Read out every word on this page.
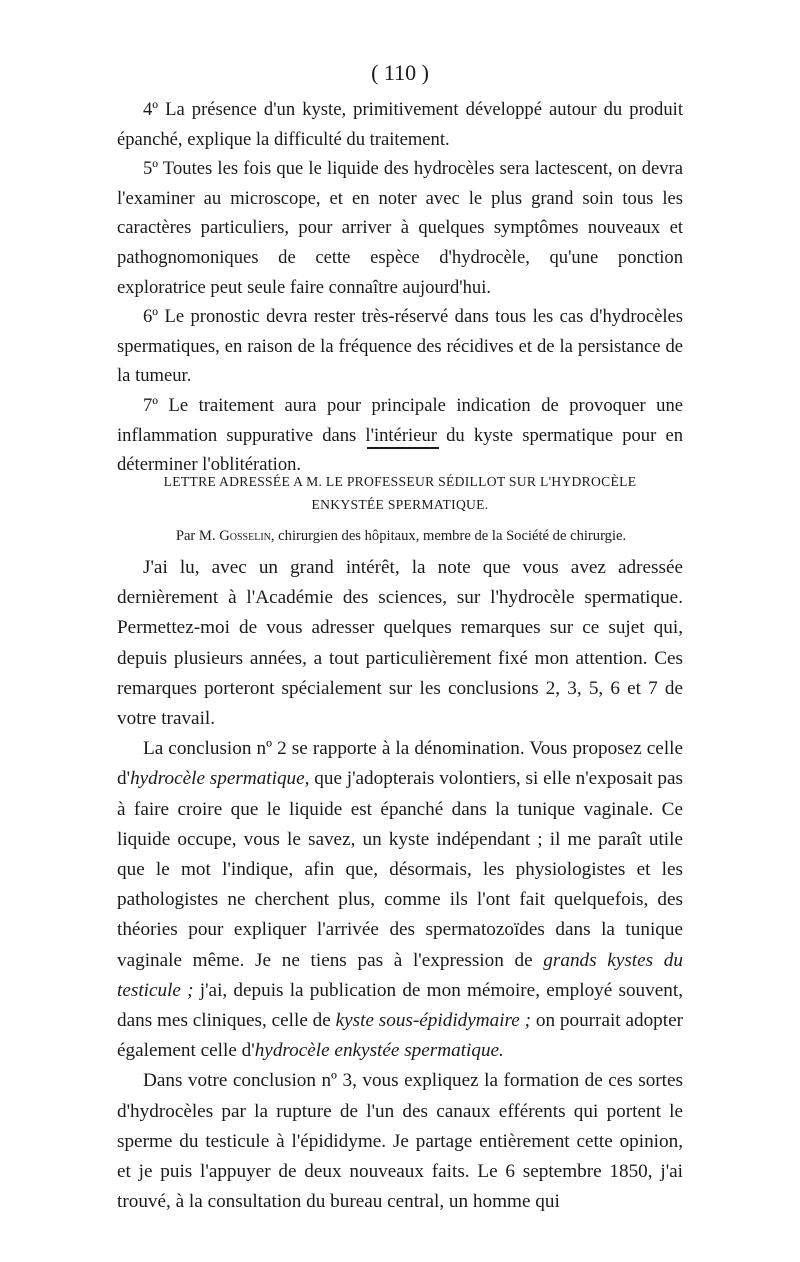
( 110 )

4º La présence d'un kyste, primitivement développé autour du produit épanché, explique la difficulté du traitement.

5º Toutes les fois que le liquide des hydrocèles sera lactescent, on devra l'examiner au microscope, et en noter avec le plus grand soin tous les caractères particuliers, pour arriver à quelques symptômes nouveaux et pathognomoniques de cette espèce d'hydrocèle, qu'une ponction exploratrice peut seule faire connaître aujourd'hui.

6º Le pronostic devra rester très-réservé dans tous les cas d'hydrocèles spermatiques, en raison de la fréquence des récidives et de la persistance de la tumeur.

7º Le traitement aura pour principale indication de provoquer une inflammation suppurative dans l'intérieur du kyste spermatique pour en déterminer l'oblitération.

LETTRE ADRESSÉE A M. LE PROFESSEUR SÉDILLOT SUR L'HYDROCÈLE
ENKYSTÉE SPERMATIQUE.
Par M. Gosselin, chirurgien des hôpitaux, membre de la Société de chirurgie.

J'ai lu, avec un grand intérêt, la note que vous avez adressée dernièrement à l'Académie des sciences, sur l'hydrocèle spermatique. Permettez-moi de vous adresser quelques remarques sur ce sujet qui, depuis plusieurs années, a tout particulièrement fixé mon attention. Ces remarques porteront spécialement sur les conclusions 2, 3, 5, 6 et 7 de votre travail.

La conclusion nº 2 se rapporte à la dénomination. Vous proposez celle d'hydrocèle spermatique, que j'adopterais volontiers, si elle n'exposait pas à faire croire que le liquide est épanché dans la tunique vaginale. Ce liquide occupe, vous le savez, un kyste indépendant ; il me paraît utile que le mot l'indique, afin que, désormais, les physiologistes et les pathologistes ne cherchent plus, comme ils l'ont fait quelquefois, des théories pour expliquer l'arrivée des spermatozoïdes dans la tunique vaginale même. Je ne tiens pas à l'expression de grands kystes du testicule ; j'ai, depuis la publication de mon mémoire, employé souvent, dans mes cliniques, celle de kyste sous-épididymaire ; on pourrait adopter également celle d'hydrocèle enkystée spermatique.

Dans votre conclusion nº 3, vous expliquez la formation de ces sortes d'hydrocèles par la rupture de l'un des canaux efférents qui portent le sperme du testicule à l'épididyme. Je partage entièrement cette opinion, et je puis l'appuyer de deux nouveaux faits. Le 6 septembre 1850, j'ai trouvé, à la consultation du bureau central, un homme qui
